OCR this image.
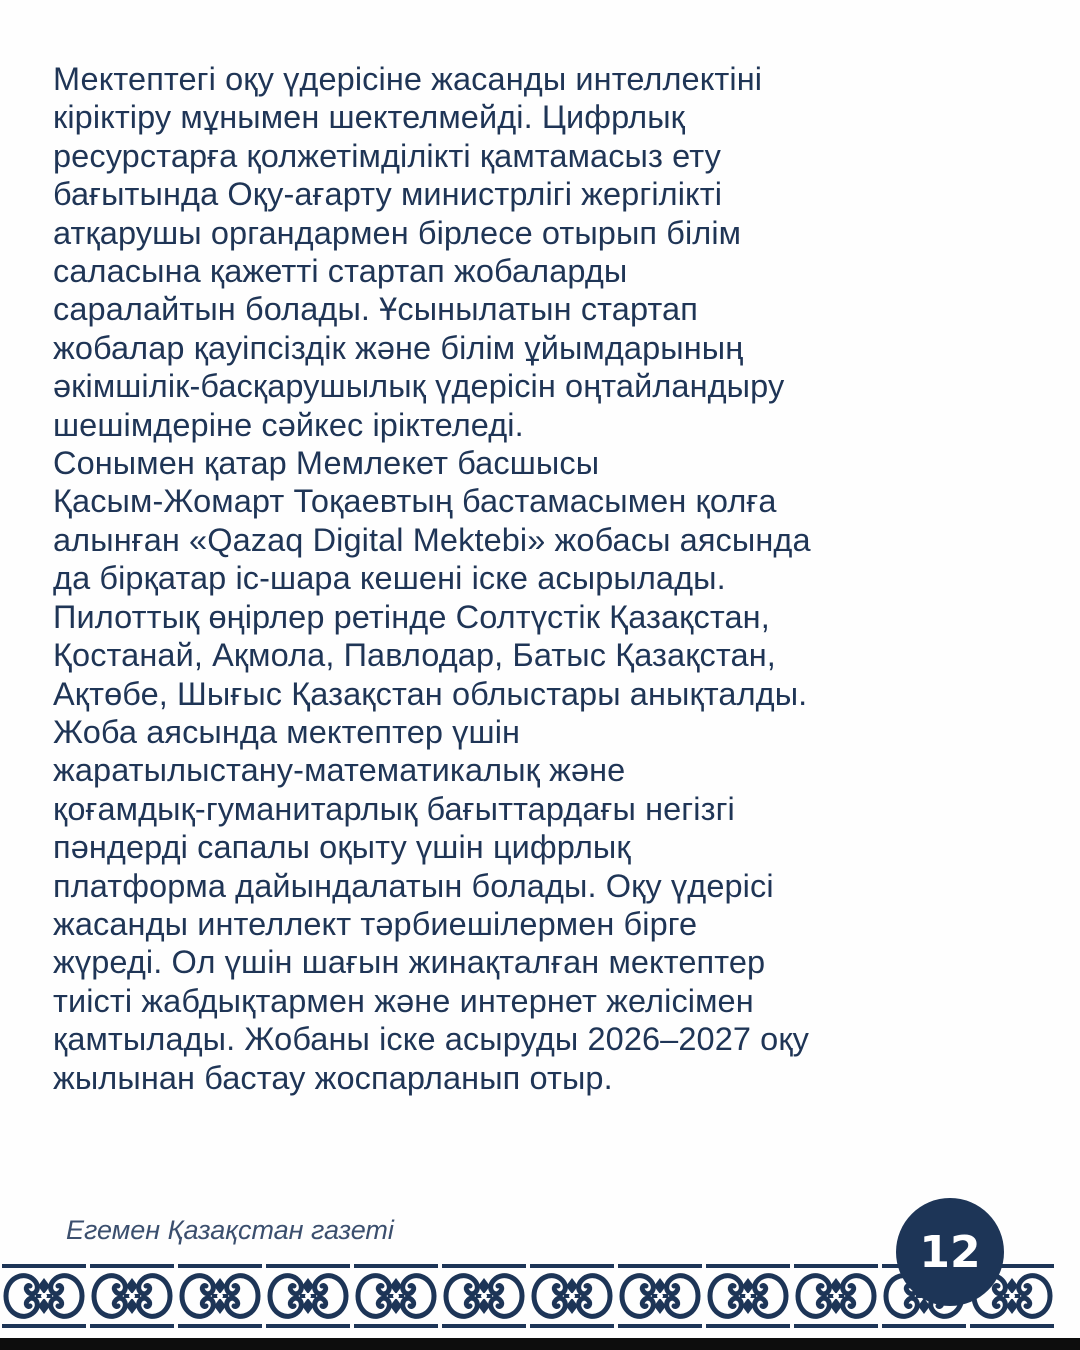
Мектептегі оқу үдерісіне жасанды интеллектіні
кіріктіру мұнымен шектелмейді. Цифрлық
ресурстарға қолжетімділікті қамтамасыз ету
бағытында Оқу-ағарту министрлігі жергілікті
атқарушы органдармен бірлесе отырып білім
саласына қажетті стартап жобаларды
саралайтын болады. Ұсынылатын стартап
жобалар қауіпсіздік және білім ұйымдарының
әкімшілік-басқарушылық үдерісін оңтайландыру
шешімдеріне сәйкес іріктеледі.
Сонымен қатар Мемлекет басшысы
Қасым-Жомарт Тоқаевтың бастамасымен қолға
алынған «Qazaq Digital Mektebi» жобасы аясында
да бірқатар іс-шара кешені іске асырылады.
Пилоттық өңірлер ретінде Солтүстік Қазақстан,
Қостанай, Ақмола, Павлодар, Батыс Қазақстан,
Ақтөбе, Шығыс Қазақстан облыстары анықталды.
Жоба аясында мектептер үшін
жаратылыстану-математикалық және
қоғамдық-гуманитарлық бағыттардағы негізгі
пәндерді сапалы оқыту үшін цифрлық
платформа дайындалатын болады. Оқу үдерісі
жасанды интеллект тәрбиешілермен бірге
жүреді. Ол үшін шағын жинақталған мектептер
тиісті жабдықтармен және интернет желісімен
қамтылады. Жобаны іске асыруды 2026–2027 оқу
жылынан бастау жоспарланып отыр.
Егемен Қазақстан газеті	12
